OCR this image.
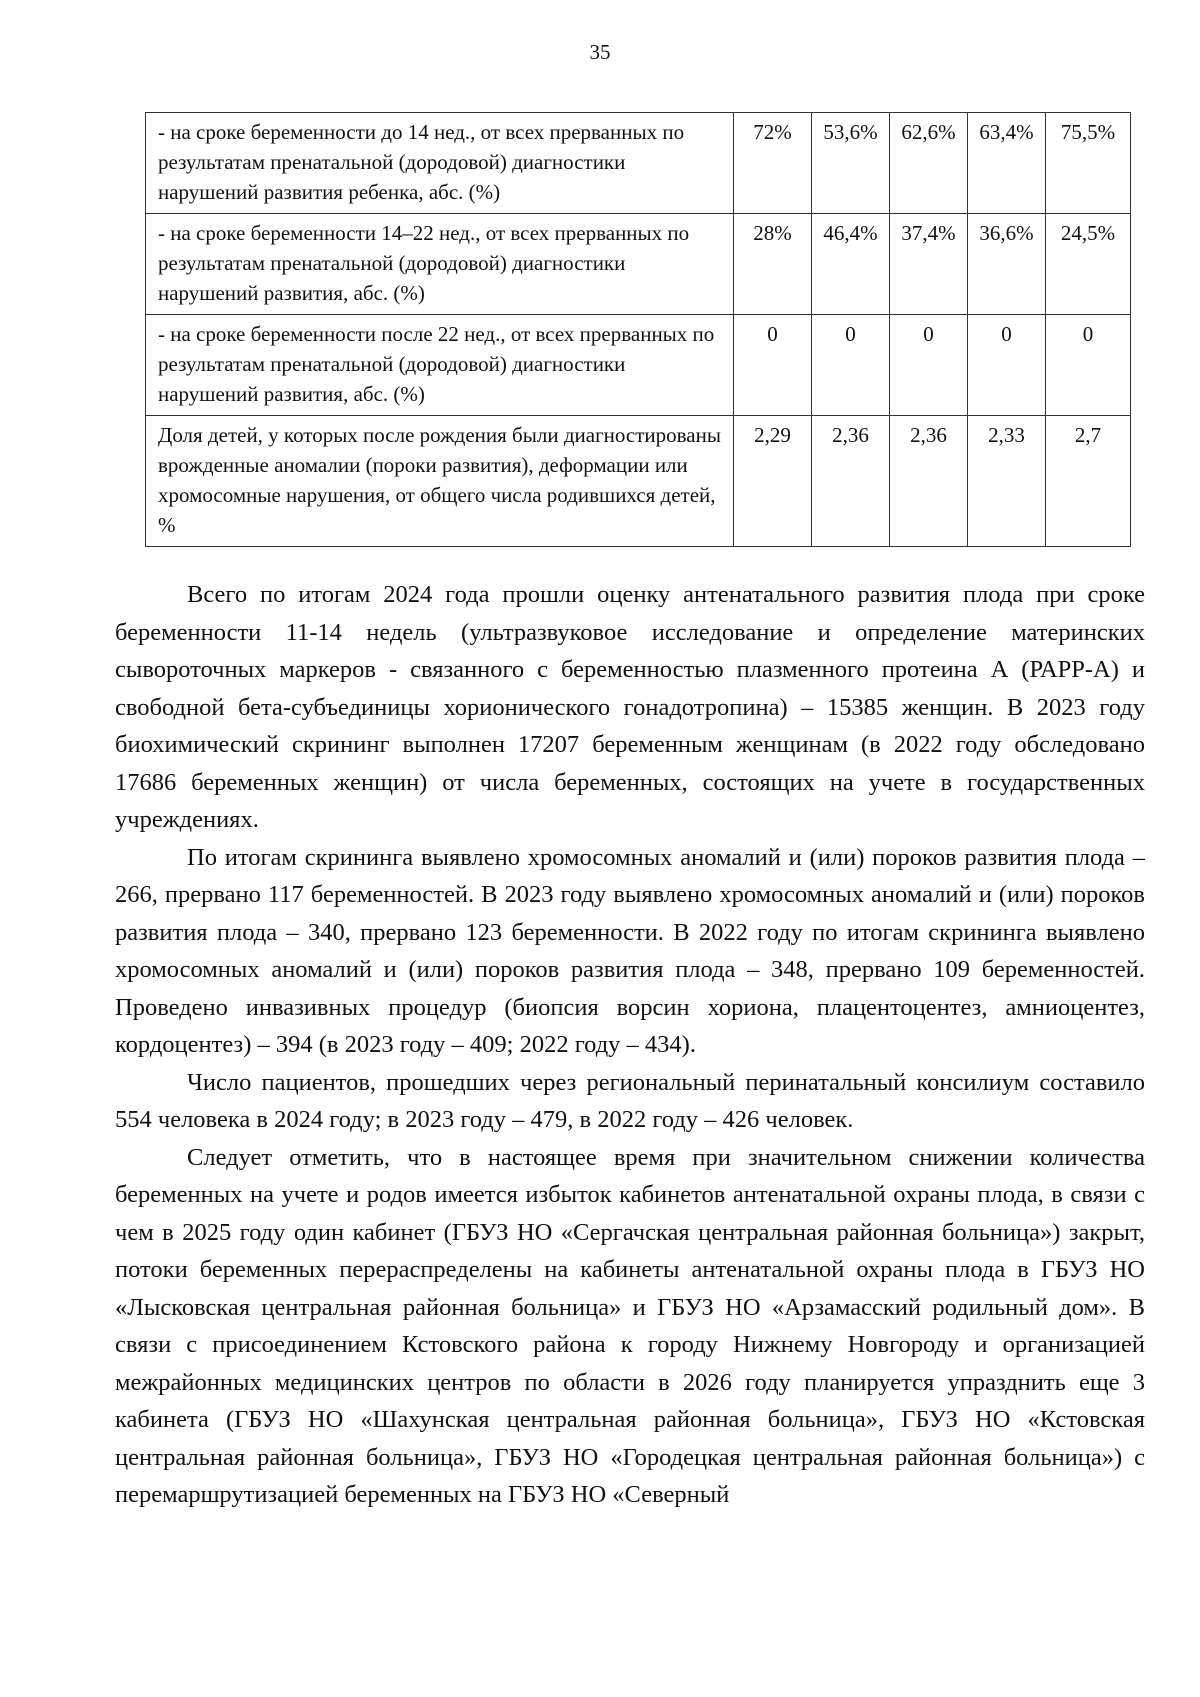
35
- на сроке беременности до 14 нед., от всех прерванных по результатам пренатальной (дородовой) диагностики нарушений развития ребенка, абс. (%)	72%	53,6%	62,6%	63,4%	75,5%
- на сроке беременности 14–22 нед., от всех прерванных по результатам пренатальной (дородовой) диагностики нарушений развития, абс. (%)	28%	46,4%	37,4%	36,6%	24,5%
- на сроке беременности после 22 нед., от всех прерванных по результатам пренатальной (дородовой) диагностики нарушений развития, абс. (%)	0	0	0	0	0
Доля детей, у которых после рождения были диагностированы врожденные аномалии (пороки развития), деформации или хромосомные нарушения, от общего числа родившихся детей, %	2,29	2,36	2,36	2,33	2,7

Всего по итогам 2024 года прошли оценку антенатального развития плода при сроке беременности 11-14 недель (ультразвуковое исследование и определение материнских сывороточных маркеров - связанного с беременностью плазменного протеина А (РАРР-А) и свободной бета-субъединицы хорионического гонадотропина) – 15385 женщин. В 2023 году биохимический скрининг выполнен 17207 беременным женщинам (в 2022 году обследовано 17686 беременных женщин) от числа беременных, состоящих на учете в государственных учреждениях.

По итогам скрининга выявлено хромосомных аномалий и (или) пороков развития плода – 266, прервано 117 беременностей. В 2023 году выявлено хромосомных аномалий и (или) пороков развития плода – 340, прервано 123 беременности. В 2022 году по итогам скрининга выявлено хромосомных аномалий и (или) пороков развития плода – 348, прервано 109 беременностей. Проведено инвазивных процедур (биопсия ворсин хориона, плацентоцентез, амниоцентез, кордоцентез) – 394 (в 2023 году – 409; 2022 году – 434).

Число пациентов, прошедших через региональный перинатальный консилиум составило 554 человека в 2024 году; в 2023 году – 479, в 2022 году – 426 человек.

Следует отметить, что в настоящее время при значительном снижении количества беременных на учете и родов имеется избыток кабинетов антенатальной охраны плода, в связи с чем в 2025 году один кабинет (ГБУЗ НО «Сергачская центральная районная больница») закрыт, потоки беременных перераспределены на кабинеты антенатальной охраны плода в ГБУЗ НО «Лысковская центральная районная больница» и ГБУЗ НО «Арзамасский родильный дом». В связи с присоединением Кстовского района к городу Нижнему Новгороду и организацией межрайонных медицинских центров по области в 2026 году планируется упразднить еще 3 кабинета (ГБУЗ НО «Шахунская центральная районная больница», ГБУЗ НО «Кстовская центральная районная больница», ГБУЗ НО «Городецкая центральная районная больница») с перемаршрутизацией беременных на ГБУЗ НО «Северный
